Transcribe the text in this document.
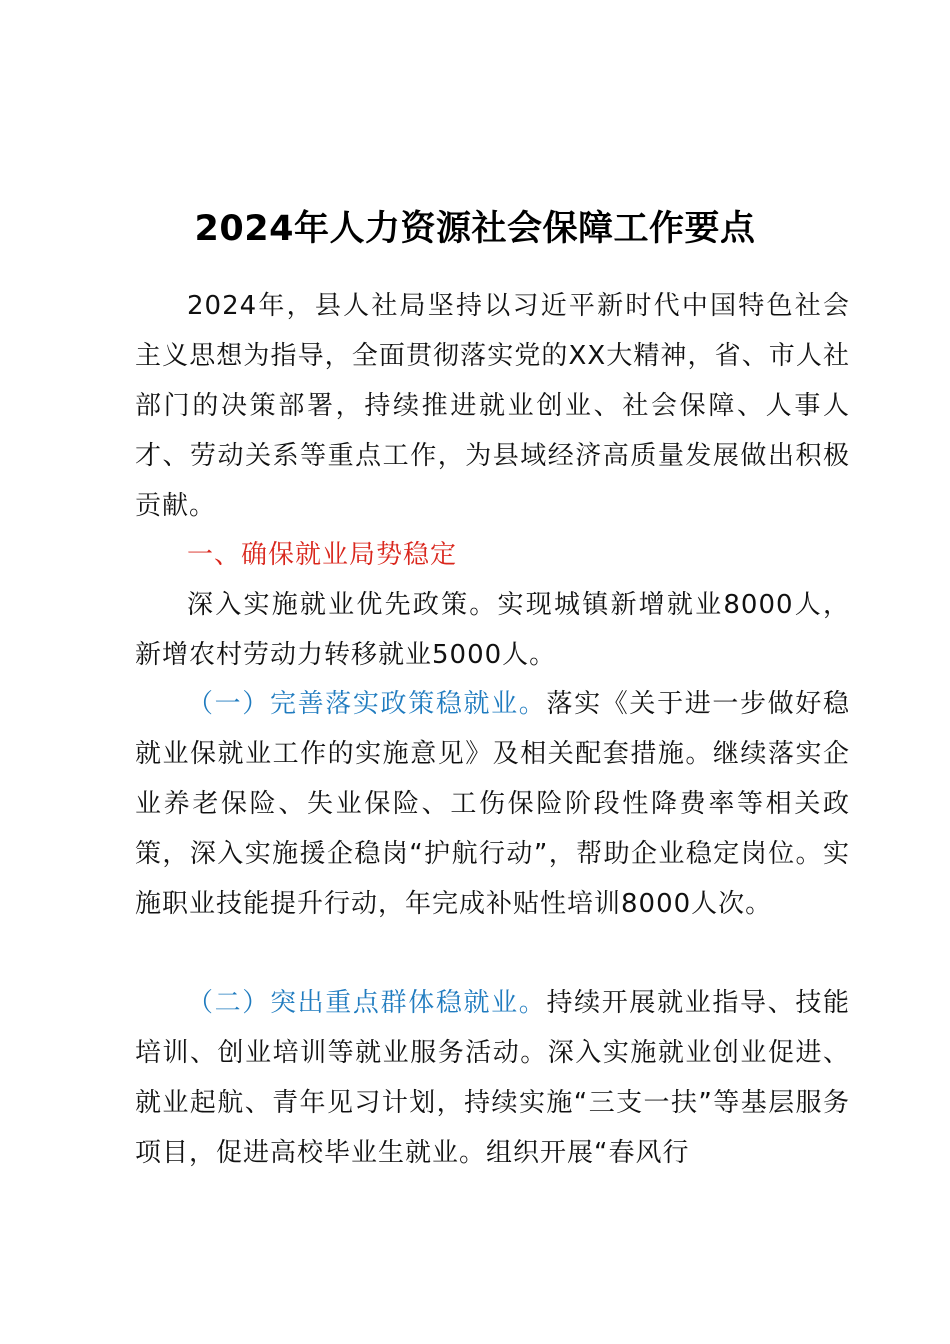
2024年人力资源社会保障工作要点

2024年，县人社局坚持以习近平新时代中国特色社会主义思想为指导，全面贯彻落实党的XX大精神，省、市人社部门的决策部署，持续推进就业创业、社会保障、人事人才、劳动关系等重点工作，为县域经济高质量发展做出积极贡献。

一、确保就业局势稳定

深入实施就业优先政策。实现城镇新增就业8000人，新增农村劳动力转移就业5000人。

（一）完善落实政策稳就业。落实《关于进一步做好稳就业保就业工作的实施意见》及相关配套措施。继续落实企业养老保险、失业保险、工伤保险阶段性降费率等相关政策，深入实施援企稳岗“护航行动”，帮助企业稳定岗位。实施职业技能提升行动，年完成补贴性培训8000人次。

（二）突出重点群体稳就业。持续开展就业指导、技能培训、创业培训等就业服务活动。深入实施就业创业促进、就业起航、青年见习计划，持续实施“三支一扶”等基层服务项目，促进高校毕业生就业。组织开展“春风行
